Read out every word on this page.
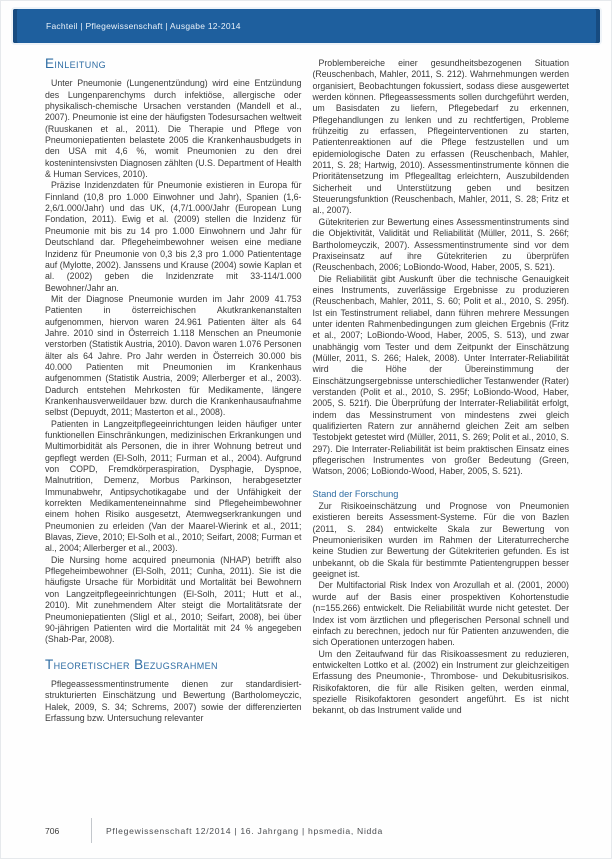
Fachteil | Pflegewissenschaft | Ausgabe 12-2014
Einleitung

Unter Pneumonie (Lungenentzündung) wird eine Entzündung des Lungenparenchyms durch infektiöse, allergische oder physikalisch-chemische Ursachen verstanden (Mandell et al., 2007). Pneumonie ist eine der häufigsten Todesursachen weltweit (Ruuskanen et al., 2011). Die Therapie und Pflege von Pneumoniepatienten belastete 2005 die Krankenhausbudgets in den USA mit 4,6 %, womit Pneumonien zu den drei kostenintensivsten Diagnosen zählten (U.S. Department of Health & Human Services, 2010).

Präzise Inzidenzdaten für Pneumonie existieren in Europa für Finnland (10,8 pro 1.000 Einwohner und Jahr), Spanien (1,6-2,6/1.000/Jahr) und das UK, (4,7/1.000/Jahr (European Lung Fondation, 2011). Ewig et al. (2009) stellen die Inzidenz für Pneumonie mit bis zu 14 pro 1.000 Einwohnern und Jahr für Deutschland dar. Pflegeheimbewohner weisen eine mediane Inzidenz für Pneumonie von 0,3 bis 2,3 pro 1.000 Patiententage auf (Mylotte, 2002). Janssens und Krause (2004) sowie Kaplan et al. (2002) geben die Inzidenzrate mit 33-114/1.000 Bewohner/Jahr an.

Mit der Diagnose Pneumonie wurden im Jahr 2009 41.753 Patienten in österreichischen Akutkrankenanstalten aufgenommen, hiervon waren 24.961 Patienten älter als 64 Jahre. 2010 sind in Österreich 1.118 Menschen an Pneumonie verstorben (Statistik Austria, 2010). Davon waren 1.076 Personen älter als 64 Jahre. Pro Jahr werden in Österreich 30.000 bis 40.000 Patienten mit Pneumonien im Krankenhaus aufgenommen (Statistik Austria, 2009; Allerberger et al., 2003). Dadurch entstehen Mehrkosten für Medikamente, längere Krankenhausverweildauer bzw. durch die Krankenhausaufnahme selbst (Depuydt, 2011; Masterton et al., 2008).

Patienten in Langzeitpflegeeinrichtungen leiden häufiger unter funktionellen Einschränkungen, medizinischen Erkrankungen und Multimorbidität als Personen, die in ihrer Wohnung betreut und gepflegt werden (El-Solh, 2011; Furman et al., 2004). Aufgrund von COPD, Fremdkörperaspiration, Dysphagie, Dyspnoe, Malnutrition, Demenz, Morbus Parkinson, herabgesetzter Immunabwehr, Antipsychotikagabe und der Unfähigkeit der korrekten Medikamenteneinnahme sind Pflegeheimbewohner einem hohen Risiko ausgesetzt, Atemwegserkrankungen und Pneumonien zu erleiden (Van der Maarel-Wierink et al., 2011; Blavas, Zieve, 2010; El-Solh et al., 2010; Seifart, 2008; Furman et al., 2004; Allerberger et al., 2003).

Die Nursing home acquired pneumonia (NHAP) betrifft also Pflegeheimbewohner (El-Solh, 2011; Cunha, 2011). Sie ist die häufigste Ursache für Morbidität und Mortalität bei Bewohnern von Langzeitpflegeeinrichtungen (El-Solh, 2011; Hutt et al., 2010). Mit zunehmendem Alter steigt die Mortalitätsrate der Pneumoniepatienten (Sligl et al., 2010; Seifart, 2008), bei über 90-jährigen Patienten wird die Mortalität mit 24 % angegeben (Shab-Par, 2008).

Theoretischer Bezugsrahmen

Pflegeassessmentinstrumente dienen zur standardisiert-strukturierten Einschätzung und Bewertung (Bartholomeyczic, Halek, 2009, S. 34; Schrems, 2007) sowie der differenzierten Erfassung bzw. Untersuchung relevanter

Problembereiche einer gesundheitsbezogenen Situation (Reuschenbach, Mahler, 2011, S. 212). Wahrnehmungen werden organisiert, Beobachtungen fokussiert, sodass diese ausgewertet werden können. Pflegeassessments sollen durchgeführt werden, um Basisdaten zu liefern, Pflegebedarf zu erkennen, Pflegehandlungen zu lenken und zu rechtfertigen, Probleme frühzeitig zu erfassen, Pflegeinterventionen zu starten, Patientenreaktionen auf die Pflege festzustellen und um epidemiologische Daten zu erfassen (Reuschenbach, Mahler, 2011, S. 28; Hartwig, 2010). Assessmentinstrumente können die Prioritätensetzung im Pflegealltag erleichtern, Auszubildenden Sicherheit und Unterstützung geben und besitzen Steuerungsfunktion (Reuschenbach, Mahler, 2011, S. 28; Fritz et al., 2007).

Gütekriterien zur Bewertung eines Assessmentinstruments sind die Objektivität, Validität und Reliabilität (Müller, 2011, S. 266f; Bartholomeyczik, 2007). Assessmentinstrumente sind vor dem Praxiseinsatz auf ihre Gütekriterien zu überprüfen (Reuschenbach, 2006; LoBiondo-Wood, Haber, 2005, S. 521).

Die Reliabilität gibt Auskunft über die technische Genauigkeit eines Instruments, zuverlässige Ergebnisse zu produzieren (Reuschenbach, Mahler, 2011, S. 60; Polit et al., 2010, S. 295f). Ist ein Testinstrument reliabel, dann führen mehrere Messungen unter identen Rahmenbedingungen zum gleichen Ergebnis (Fritz et al., 2007; LoBiondo-Wood, Haber, 2005, S. 513), und zwar unabhängig vom Tester und dem Zeitpunkt der Einschätzung (Müller, 2011, S. 266; Halek, 2008). Unter Interrater-Reliabilität wird die Höhe der Übereinstimmung der Einschätzungsergebnisse unterschiedlicher Testanwender (Rater) verstanden (Polit et al., 2010, S. 295f; LoBiondo-Wood, Haber, 2005, S. 521f). Die Überprüfung der Interrater-Reliabilität erfolgt, indem das Messinstrument von mindestens zwei gleich qualifizierten Ratern zur annähernd gleichen Zeit am selben Testobjekt getestet wird (Müller, 2011, S. 269; Polit et al., 2010, S. 297). Die Interrater-Reliabilität ist beim praktischen Einsatz eines pflegerischen Instrumentes von großer Bedeutung (Green, Watson, 2006; LoBiondo-Wood, Haber, 2005, S. 521).

Stand der Forschung

Zur Risikoeinschätzung und Prognose von Pneumonien existieren bereits Assessment-Systeme. Für die von Bazlen (2011, S. 284) entwickelte Skala zur Bewertung von Pneumonierisiken wurden im Rahmen der Literaturrecherche keine Studien zur Bewertung der Gütekriterien gefunden. Es ist unbekannt, ob die Skala für bestimmte Patientengruppen besser geeignet ist.

Der Multifactorial Risk Index von Arozullah et al. (2001, 2000) wurde auf der Basis einer prospektiven Kohortenstudie (n=155.266) entwickelt. Die Reliabilität wurde nicht getestet. Der Index ist vom ärztlichen und pflegerischen Personal schnell und einfach zu berechnen, jedoch nur für Patienten anzuwenden, die sich Operationen unterzogen haben.

Um den Zeitaufwand für das Risikoassesment zu reduzieren, entwickelten Lottko et al. (2002) ein Instrument zur gleichzeitigen Erfassung des Pneumonie-, Thrombose- und Dekubitusrisikos. Risikofaktoren, die für alle Risiken gelten, werden einmal, spezielle Risikofaktoren gesondert angeführt. Es ist nicht bekannt, ob das Instrument valide und

706	Pflegewissenschaft 12/2014 | 16. Jahrgang | hpsmedia, Nidda
